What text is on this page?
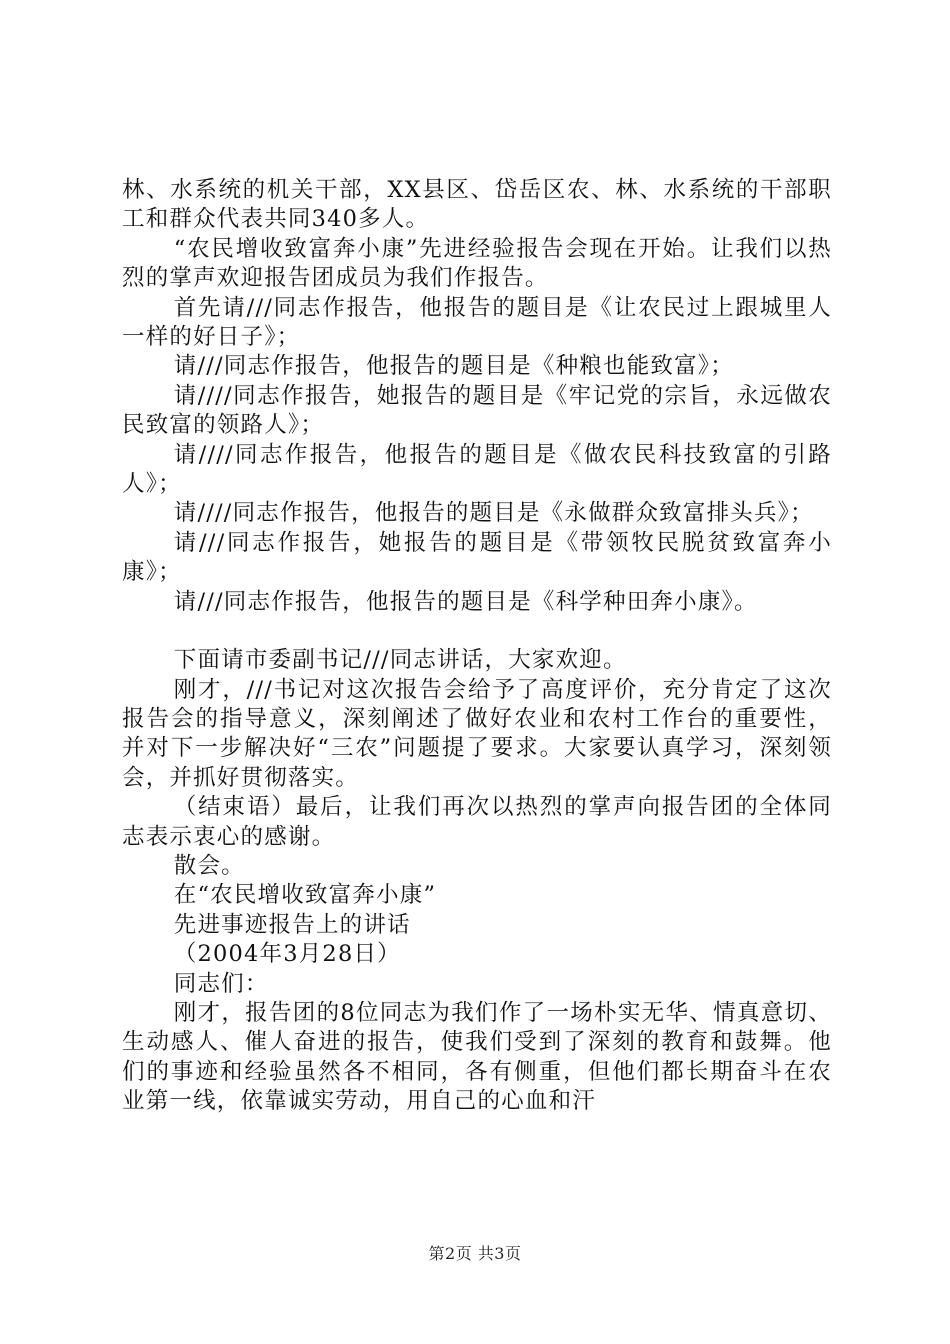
林、水系统的机关干部，XX县区、岱岳区农、林、水系统的干部职工和群众代表共同340多人。

“农民增收致富奔小康”先进经验报告会现在开始。让我们以热烈的掌声欢迎报告团成员为我们作报告。

首先请///同志作报告，他报告的题目是《让农民过上跟城里人一样的好日子》；

请///同志作报告，他报告的题目是《种粮也能致富》；

请////同志作报告，她报告的题目是《牢记党的宗旨，永远做农民致富的领路人》；

请////同志作报告，他报告的题目是《做农民科技致富的引路人》；

请////同志作报告，他报告的题目是《永做群众致富排头兵》；

请///同志作报告，她报告的题目是《带领牧民脱贫致富奔小康》；

请///同志作报告，他报告的题目是《科学种田奔小康》。

下面请市委副书记///同志讲话，大家欢迎。

刚才，///书记对这次报告会给予了高度评价，充分肯定了这次报告会的指导意义，深刻阐述了做好农业和农村工作台的重要性，并对下一步解决好“三农”问题提了要求。大家要认真学习，深刻领会，并抓好贯彻落实。

（结束语）最后，让我们再次以热烈的掌声向报告团的全体同志表示衷心的感谢。

散会。

在“农民增收致富奔小康”

先进事迹报告上的讲话

（2004年3月28日）

同志们：

刚才，报告团的8位同志为我们作了一场朴实无华、情真意切、生动感人、催人奋进的报告，使我们受到了深刻的教育和鼓舞。他们的事迹和经验虽然各不相同，各有侧重，但他们都长期奋斗在农业第一线，依靠诚实劳动，用自己的心血和汗

第2页 共3页
